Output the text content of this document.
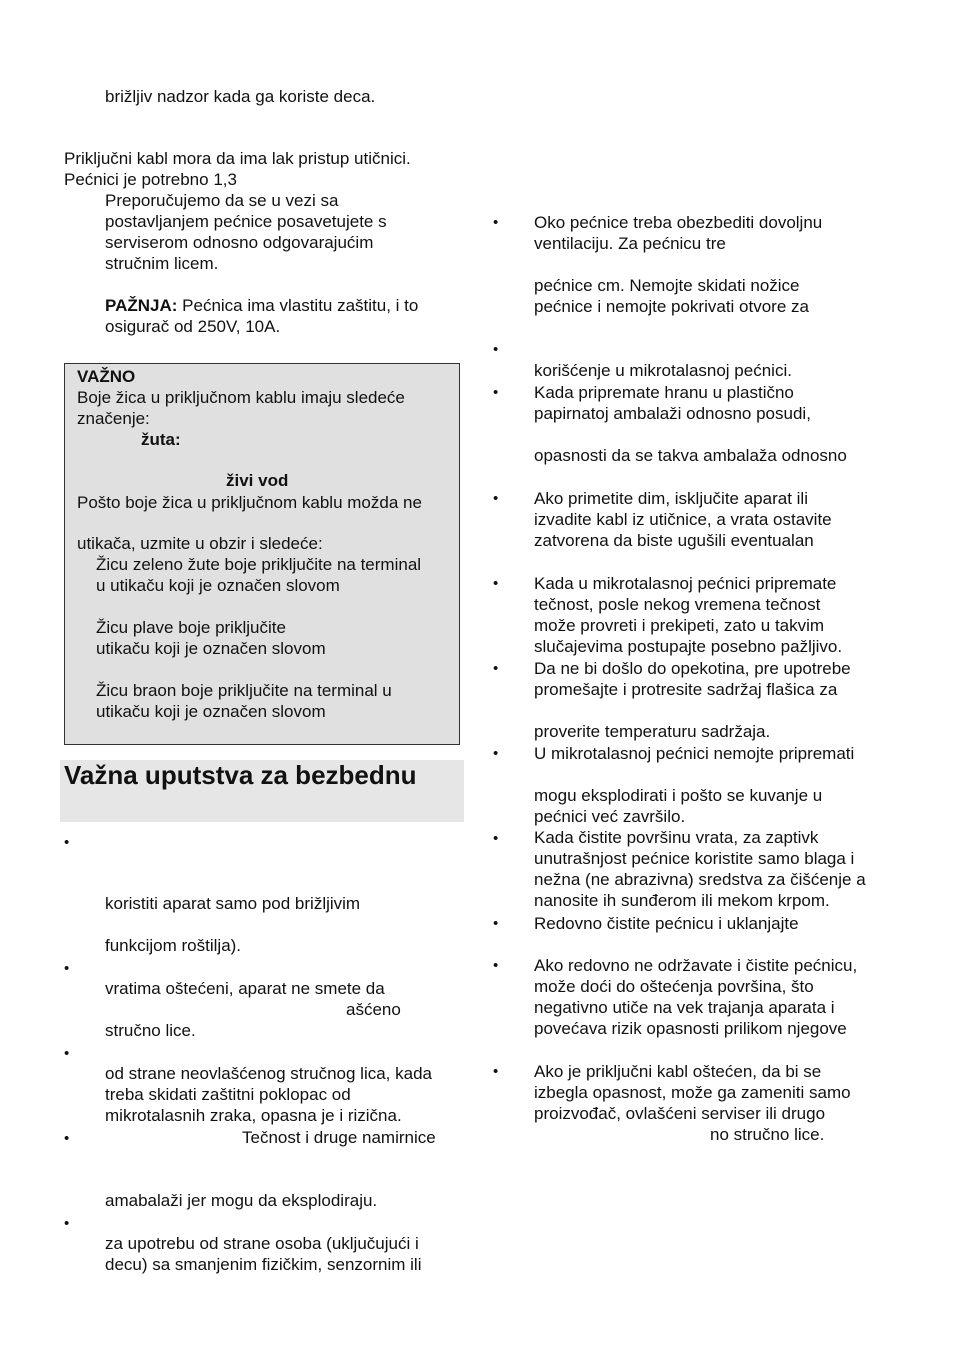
brižljiv nadzor kada ga koriste deca.
Priključni kabl mora da ima lak pristup utičnici.
Pećnici je potrebno 1,3
Preporučujemo da se u vezi sa
postavljanjem pećnice posavetujete s
serviserom odnosno odgovarajućim
stručnim licem.
PAŽNJA: Pećnica ima vlastitu zaštitu, i to
osigurač od 250V, 10A.
VAŽNO
Boje žica u priključnom kablu imaju sledeće
značenje:
žuta:
živi vod
Pošto boje žica u priključnom kablu možda ne
utikača, uzmite u obzir i sledeće:
Žicu zeleno žute boje priključite na terminal
u utikaču koji je označen slovom
Žicu plave boje priključite
utikaču koji je označen slovom
Žicu braon boje priključite na terminal u
utikaču koji je označen slovom
Važna uputstva za bezbednu
•
koristiti aparat samo pod brižljivim
funkcijom roštilja).
•
vratima oštećeni, aparat ne smete da
ašćeno
stručno lice.
•
od strane neovlašćenog stručnog lica, kada
treba skidati zaštitni poklopac od
mikrotalasnih zraka, opasna je i rizična.
•	Tečnost i druge namirnice
amabalaži jer mogu da eksplodiraju.
•
za upotrebu od strane osoba (uključujući i
decu) sa smanjenim fizičkim, senzornim ili
• Oko pećnice treba obezbediti dovoljnu
ventilaciju. Za pećnicu tre
pećnice cm. Nemojte skidati nožice
pećnice i nemojte pokrivati otvore za
•
korišćenje u mikrotalasnoj pećnici.
• Kada pripremate hranu u plastično
papirnatoj ambalaži odnosno posudi,
opasnosti da se takva ambalaža odnosno
• Ako primetite dim, isključite aparat ili
izvadite kabl iz utičnice, a vrata ostavite
zatvorena da biste ugušili eventualan
• Kada u mikrotalasnoj pećnici pripremate
tečnost, posle nekog vremena tečnost
može provreti i prekipeti, zato u takvim
slučajevima postupajte posebno pažljivo.
• Da ne bi došlo do opekotina, pre upotrebe
promešajte i protresite sadržaj flašica za
proverite temperaturu sadržaja.
• U mikrotalasnoj pećnici nemojte pripremati
mogu eksplodirati i pošto se kuvanje u
pećnici već završilo.
• Kada čistite površinu vrata, za zaptivk
unutrašnjost pećnice koristite samo blaga i
nežna (ne abrazivna) sredstva za čišćenje a
nanosite ih sunđerom ili mekom krpom.
• Redovno čistite pećnicu i uklanjajte
• Ako redovno ne održavate i čistite pećnicu,
može doći do oštećenja površina, što
negativno utiče na vek trajanja aparata i
povećava rizik opasnosti prilikom njegove
• Ako je priključni kabl oštećen, da bi se
izbegla opasnost, može ga zameniti samo
proizvođač, ovlašćeni serviser ili drugo
no stručno lice.
